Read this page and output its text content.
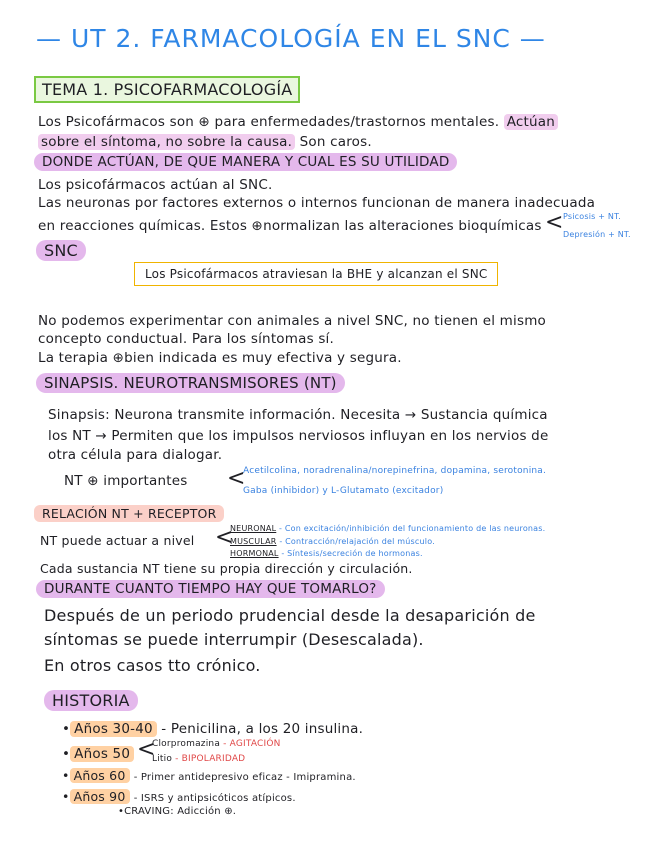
— UT 2. FARMACOLOGÍA EN EL SNC —
TEMA 1. PSICOFARMACOLOGÍA
Los Psicofármacos son ⊕ para enfermedades/trastornos mentales. Actúan
sobre el síntoma, no sobre la causa. Son caros.
DONDE ACTÚAN, DE QUE MANERA Y CUAL ES SU UTILIDAD
Los psicofármacos actúan al SNC.
Las neuronas por factores externos o internos funcionan de manera inadecuada
en reacciones químicas. Estos ⊕normalizan las alteraciones bioquímicas < Psicosis + NT.
Depresión + NT.
SNC
Los Psicofármacos atraviesan la BHE y alcanzan el SNC
No podemos experimentar con animales a nivel SNC, no tienen el mismo
concepto conductual. Para los síntomas sí.
La terapia ⊕bien indicada es muy efectiva y segura.
SINAPSIS. NEUROTRANSMISORES (NT)
Sinapsis: Neurona transmite información. Necesita → Sustancia química
los NT → Permiten que los impulsos nerviosos influyan en los nervios de
otra célula para dialogar.
NT ⊕ importantes <
Acetilcolina, noradrenalina/norepinefrina, dopamina, serotonina.
Gaba (inhibidor) y L-Glutamato (excitador)
RELACIÓN NT + RECEPTOR
NT puede actuar a nivel <
NEURONAL - Con excitación/inhibición del funcionamiento de las neuronas.
MUSCULAR - Contracción/relajación del músculo.
HORMONAL - Síntesis/secreción de hormonas.
Cada sustancia NT tiene su propia dirección y circulación.
DURANTE CUANTO TIEMPO HAY QUE TOMARLO?
Después de un periodo prudencial desde la desaparición de
síntomas se puede interrumpir (Desescalada).
En otros casos tto crónico.
HISTORIA
• Años 30-40 - Penicilina, a los 20 insulina.
• Años 50 <
Clorpromazina - AGITACIÓN
Litio - BIPOLARIDAD
• Años 60 - Primer antidepresivo eficaz - Imipramina.
• Años 90 - ISRS y antipsicóticos atípicos.
•CRAVING: Adicción ⊕.
